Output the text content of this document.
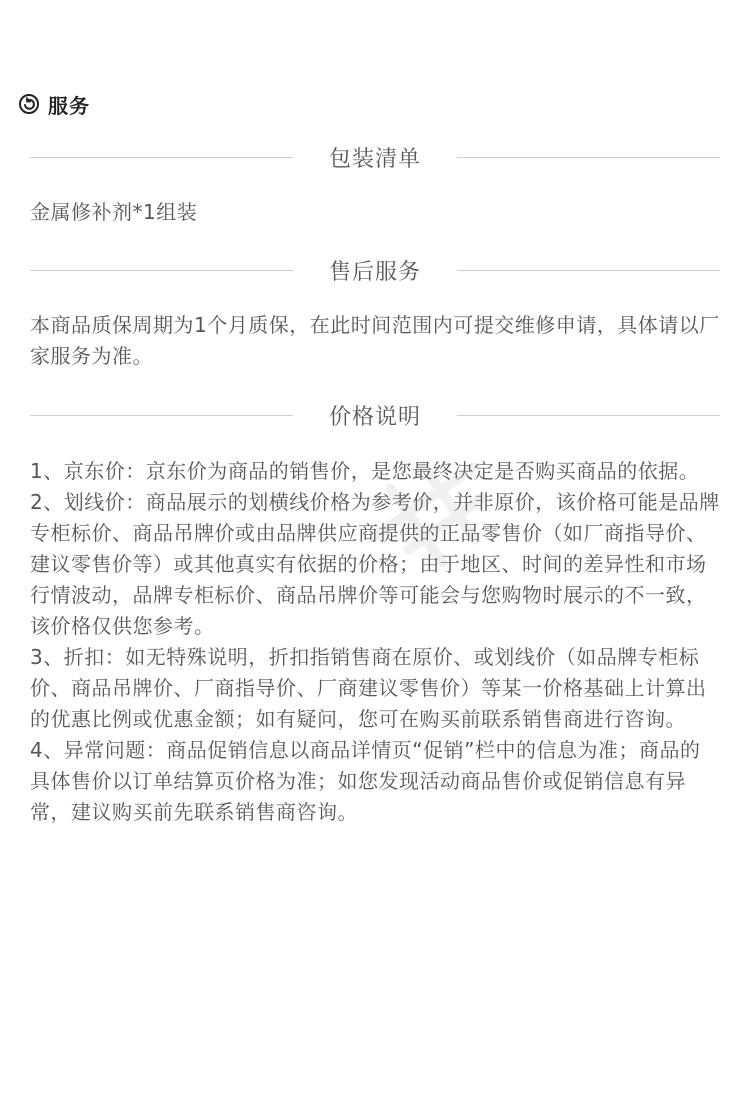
服务
包装清单
金属修补剂*1组装
售后服务
本商品质保周期为1个月质保，在此时间范围内可提交维修申请，具体请以厂家服务为准。
价格说明
1、京东价：京东价为商品的销售价，是您最终决定是否购买商品的依据。
2、划线价：商品展示的划横线价格为参考价，并非原价，该价格可能是品牌专柜标价、商品吊牌价或由品牌供应商提供的正品零售价（如厂商指导价、建议零售价等）或其他真实有依据的价格；由于地区、时间的差异性和市场行情波动，品牌专柜标价、商品吊牌价等可能会与您购物时展示的不一致，该价格仅供您参考。
3、折扣：如无特殊说明，折扣指销售商在原价、或划线价（如品牌专柜标价、商品吊牌价、厂商指导价、厂商建议零售价）等某一价格基础上计算出的优惠比例或优惠金额；如有疑问，您可在购买前联系销售商进行咨询。
4、异常问题：商品促销信息以商品详情页“促销”栏中的信息为准；商品的具体售价以订单结算页价格为准；如您发现活动商品售价或促销信息有异常，建议购买前先联系销售商咨询。
